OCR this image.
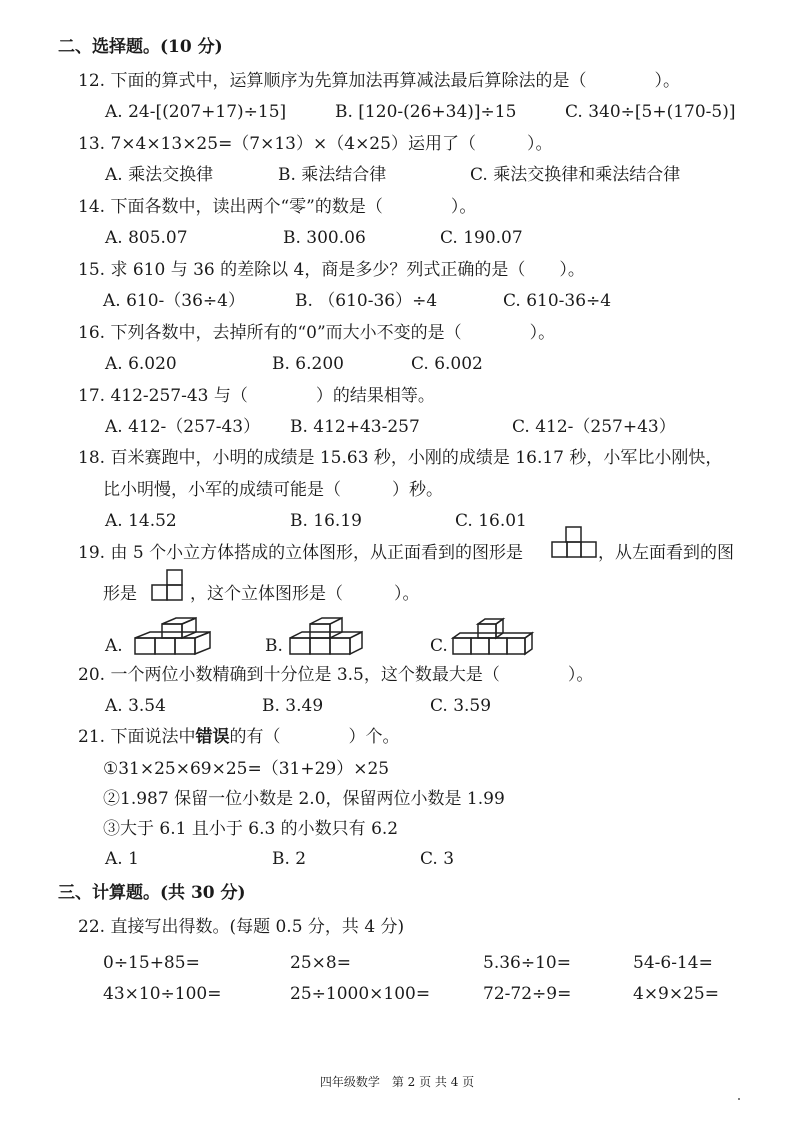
二、选择题。(10 分)
12. 下面的算式中，运算顺序为先算加法再算减法最后算除法的是（　　　　）。
A. 24-[(207+17)÷15]	B. [120-(26+34)]÷15	C. 340÷[5+(170-5)]
13. 7×4×13×25=（7×13）×（4×25）运用了（　　　）。
A. 乘法交换律	B. 乘法结合律	C. 乘法交换律和乘法结合律
14. 下面各数中，读出两个“零”的数是（　　　　）。
A. 805.07	B. 300.06	C. 190.07
15. 求 610 与 36 的差除以 4，商是多少？列式正确的是（　　）。
A. 610-（36÷4）	B. （610-36）÷4	C. 610-36÷4
16. 下列各数中，去掉所有的“0”而大小不变的是（　　　　）。
A. 6.020	B. 6.200	C. 6.002
17. 412-257-43 与（　　　　）的结果相等。
A. 412-（257-43） B. 412+43-257	C. 412-（257+43）
18. 百米赛跑中，小明的成绩是 15.63 秒，小刚的成绩是 16.17 秒，小军比小刚快，
比小明慢，小军的成绩可能是（　　　）秒。
A. 14.52	B. 16.19	C. 16.01
19. 由 5 个小立方体搭成的立体图形，从正面看到的图形是	，从左面看到的图
形是	，这个立体图形是（　　　）。
A.	B.	C.
20. 一个两位小数精确到十分位是 3.5，这个数最大是（　　　　）。
A. 3.54	B. 3.49	C. 3.59
21. 下面说法中错误的有（　　　　）个。
①31×25×69×25=（31+29）×25
②1.987 保留一位小数是 2.0，保留两位小数是 1.99
③大于 6.1 且小于 6.3 的小数只有 6.2
A. 1	B. 2	C. 3
三、计算题。(共 30 分)
22. 直接写出得数。(每题 0.5 分，共 4 分)
0÷15+85=	25×8=	5.36÷10=	54-6-14=
43×10÷100=	25÷1000×100=	72-72÷9=	4×9×25=
四年级数学　第 2 页 共 4 页
